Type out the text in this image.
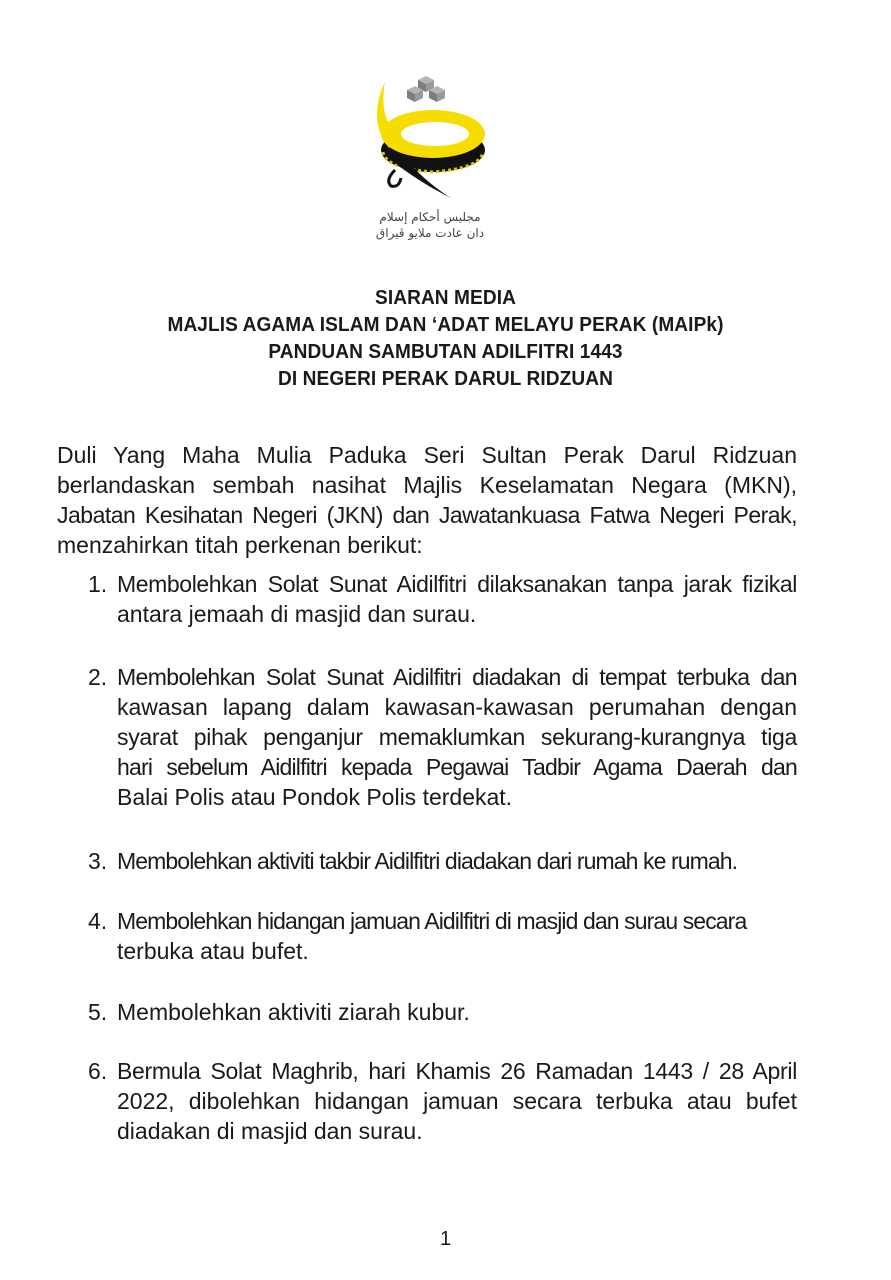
مجليس أحكام إسلام
دان عادت ملايو ڤيراق
SIARAN MEDIA
MAJLIS AGAMA ISLAM DAN ‘ADAT MELAYU PERAK (MAIPk)
PANDUAN SAMBUTAN ADILFITRI 1443
DI NEGERI PERAK DARUL RIDZUAN
Duli Yang Maha Mulia Paduka Seri Sultan Perak Darul Ridzuan
berlandaskan sembah nasihat Majlis Keselamatan Negara (MKN),
Jabatan Kesihatan Negeri (JKN) dan Jawatankuasa Fatwa Negeri Perak,
menzahirkan titah perkenan berikut:
1. Membolehkan Solat Sunat Aidilfitri dilaksanakan tanpa jarak fizikal
antara jemaah di masjid dan surau.
2. Membolehkan Solat Sunat Aidilfitri diadakan di tempat terbuka dan
kawasan lapang dalam kawasan-kawasan perumahan dengan
syarat pihak penganjur memaklumkan sekurang-kurangnya tiga
hari sebelum Aidilfitri kepada Pegawai Tadbir Agama Daerah dan
Balai Polis atau Pondok Polis terdekat.
3. Membolehkan aktiviti takbir Aidilfitri diadakan dari rumah ke rumah.
4. Membolehkan hidangan jamuan Aidilfitri di masjid dan surau secara
terbuka atau bufet.
5. Membolehkan aktiviti ziarah kubur.
6. Bermula Solat Maghrib, hari Khamis 26 Ramadan 1443 / 28 April
2022, dibolehkan hidangan jamuan secara terbuka atau bufet
diadakan di masjid dan surau.
1
